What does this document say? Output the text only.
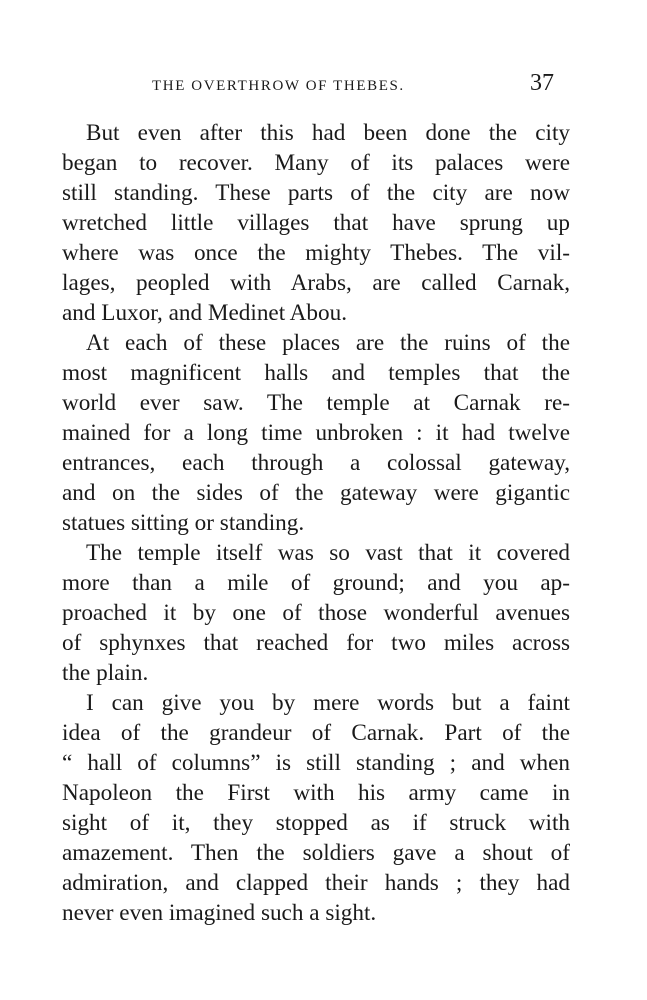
THE OVERTHROW OF THEBES.	37
But even after this had been done the city
began to recover. Many of its palaces were
still standing. These parts of the city are now
wretched little villages that have sprung up
where was once the mighty Thebes. The vil-
lages, peopled with Arabs, are called Carnak,
and Luxor, and Medinet Abou.
At each of these places are the ruins of the
most magnificent halls and temples that the
world ever saw. The temple at Carnak re-
mained for a long time unbroken : it had twelve
entrances, each through a colossal gateway,
and on the sides of the gateway were gigantic
statues sitting or standing.
The temple itself was so vast that it covered
more than a mile of ground; and you ap-
proached it by one of those wonderful avenues
of sphynxes that reached for two miles across
the plain.
I can give you by mere words but a faint
idea of the grandeur of Carnak. Part of the
“ hall of columns” is still standing ; and when
Napoleon the First with his army came in
sight of it, they stopped as if struck with
amazement. Then the soldiers gave a shout of
admiration, and clapped their hands ; they had
never even imagined such a sight.
